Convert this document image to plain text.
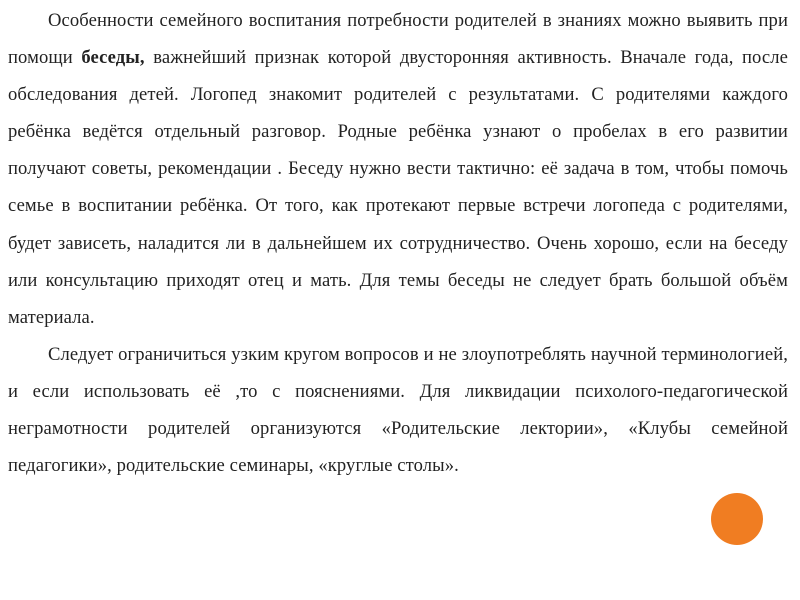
Особенности семейного воспитания потребности родителей в знаниях можно выявить при помощи беседы, важнейший признак которой двусторонняя активность. Вначале года, после обследования детей. Логопед знакомит родителей с результатами. С родителями каждого ребёнка ведётся отдельный разговор. Родные ребёнка узнают о пробелах в его развитии получают советы, рекомендации . Беседу нужно вести тактично: её задача в том, чтобы помочь семье в воспитании ребёнка. От того, как протекают первые встречи логопеда с родителями, будет зависеть, наладится ли в дальнейшем их сотрудничество. Очень хорошо, если на беседу или консультацию приходят отец и мать. Для темы беседы не следует брать большой объём материала.

Следует ограничиться узким кругом вопросов и не злоупотреблять научной терминологией, и если использовать её ,то с пояснениями. Для ликвидации психолого-педагогической неграмотности родителей организуются «Родительские лектории», «Клубы семейной педагогики», родительские семинары, «круглые столы».
